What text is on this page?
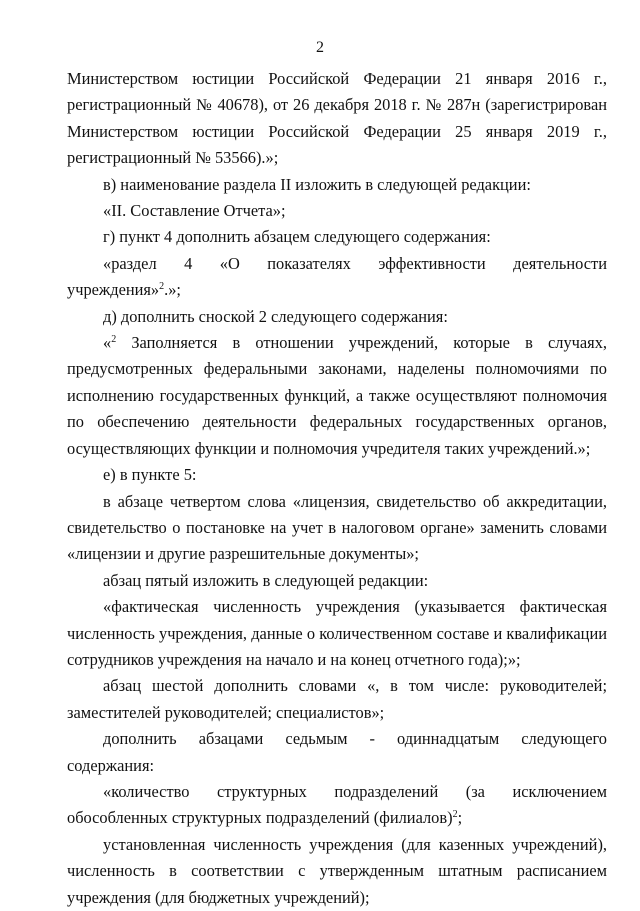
2

Министерством юстиции Российской Федерации 21 января 2016 г., регистрационный № 40678), от 26 декабря 2018 г. № 287н (зарегистрирован Министерством юстиции Российской Федерации 25 января 2019 г., регистрационный № 53566).»;

в) наименование раздела II изложить в следующей редакции:

«II. Составление Отчета»;

г) пункт 4 дополнить абзацем следующего содержания:

«раздел 4 «О показателях эффективности деятельности учреждения»$^2$.»;

д) дополнить сноской 2 следующего содержания:

«$^2$ Заполняется в отношении учреждений, которые в случаях, предусмотренных федеральными законами, наделены полномочиями по исполнению государственных функций, а также осуществляют полномочия по обеспечению деятельности федеральных государственных органов, осуществляющих функции и полномочия учредителя таких учреждений.»;

е) в пункте 5:

в абзаце четвертом слова «лицензия, свидетельство об аккредитации, свидетельство о постановке на учет в налоговом органе» заменить словами «лицензии и другие разрешительные документы»;

абзац пятый изложить в следующей редакции:

«фактическая численность учреждения (указывается фактическая численность учреждения, данные о количественном составе и квалификации сотрудников учреждения на начало и на конец отчетного года);»;

абзац шестой дополнить словами «, в том числе: руководителей; заместителей руководителей; специалистов»;

дополнить абзацами седьмым - одиннадцатым следующего содержания:

«количество структурных подразделений (за исключением обособленных структурных подразделений (филиалов)$^2$;

установленная численность учреждения (для казенных учреждений), численность в соответствии с утвержденным штатным расписанием учреждения (для бюджетных учреждений);
